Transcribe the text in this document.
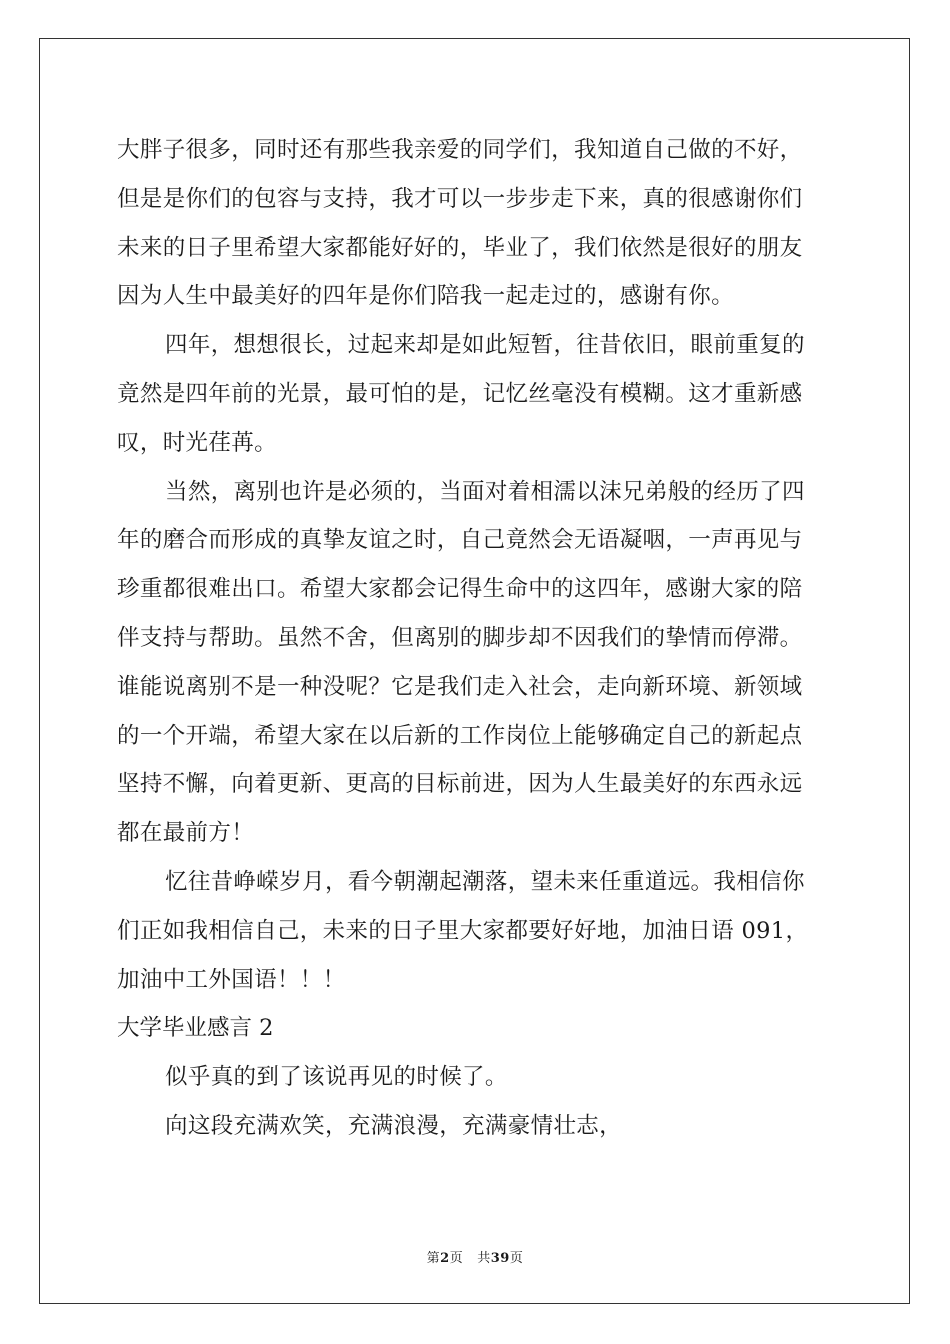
大胖子很多，同时还有那些我亲爱的同学们，我知道自己做的不好，
但是是你们的包容与支持，我才可以一步步走下来，真的很感谢你们
未来的日子里希望大家都能好好的，毕业了，我们依然是很好的朋友
因为人生中最美好的四年是你们陪我一起走过的，感谢有你。
四年，想想很长，过起来却是如此短暂，往昔依旧，眼前重复的
竟然是四年前的光景，最可怕的是，记忆丝毫没有模糊。这才重新感
叹，时光荏苒。
当然，离别也许是必须的，当面对着相濡以沫兄弟般的经历了四
年的磨合而形成的真挚友谊之时，自己竟然会无语凝咽，一声再见与
珍重都很难出口。希望大家都会记得生命中的这四年，感谢大家的陪
伴支持与帮助。虽然不舍，但离别的脚步却不因我们的挚情而停滞。
谁能说离别不是一种没呢？它是我们走入社会，走向新环境、新领域
的一个开端，希望大家在以后新的工作岗位上能够确定自己的新起点
坚持不懈，向着更新、更高的目标前进，因为人生最美好的东西永远
都在最前方！
忆往昔峥嵘岁月，看今朝潮起潮落，望未来任重道远。我相信你
们正如我相信自己，未来的日子里大家都要好好地，加油日语 091，
加油中工外国语！！！
大学毕业感言 2
似乎真的到了该说再见的时候了。
向这段充满欢笑，充满浪漫，充满豪情壮志，
第2页 共39页
